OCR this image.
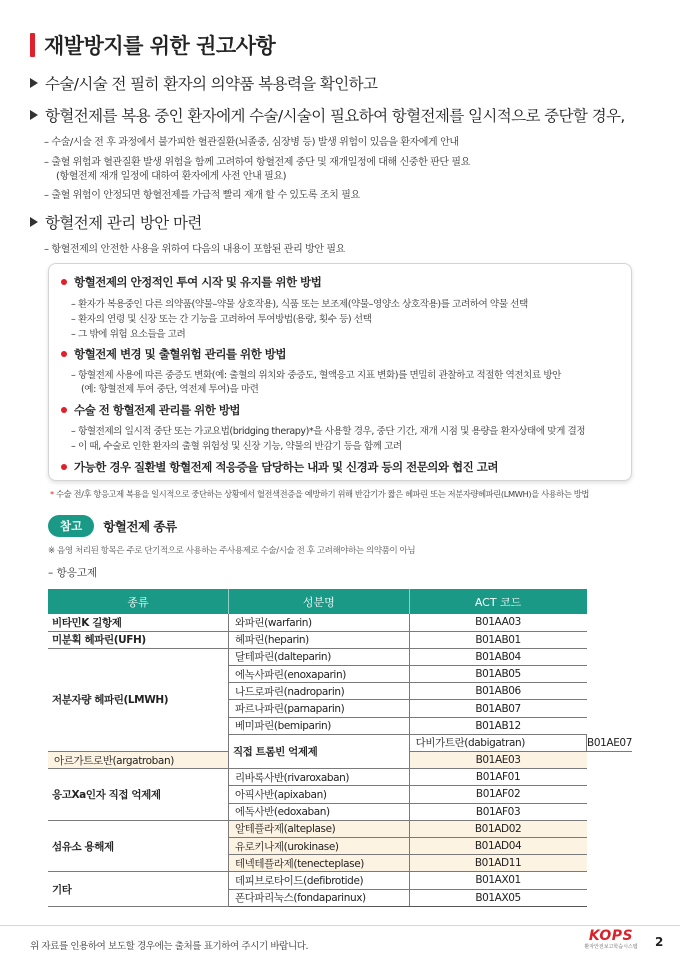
재발방지를 위한 권고사항
수술/시술 전 필히 환자의 의약품 복용력을 확인하고
항혈전제를 복용 중인 환자에게 수술/시술이 필요하여 항혈전제를 일시적으로 중단할 경우,
– 수술/시술 전 후 과정에서 불가피한 혈관질환(뇌졸중, 심장병 등) 발생 위험이 있음을 환자에게 안내
– 출혈 위험과 혈관질환 발생 위험을 함께 고려하여 항혈전제 중단 및 재개일정에 대해 신중한 판단 필요
(항혈전제 재개 일정에 대하여 환자에게 사전 안내 필요)
– 출혈 위험이 안정되면 항혈전제를 가급적 빨리 재개 할 수 있도록 조치 필요
항혈전제 관리 방안 마련
– 항혈전제의 안전한 사용을 위하여 다음의 내용이 포함된 관리 방안 필요
항혈전제의 안정적인 투여 시작 및 유지를 위한 방법
– 환자가 복용중인 다른 의약품(약물–약물 상호작용), 식품 또는 보조제(약물–영양소 상호작용)를 고려하여 약물 선택
– 환자의 연령 및 신장 또는 간 기능을 고려하여 투여방법(용량, 횟수 등) 선택
– 그 밖에 위험 요소들을 고려
항혈전제 변경 및 출혈위험 관리를 위한 방법
– 항혈전제 사용에 따른 중증도 변화(예: 출혈의 위치와 중증도, 혈액응고 지표 변화)를 면밀히 관찰하고 적절한 역전치료 방안
(예: 항혈전제 투여 중단, 역전제 투여)을 마련
수술 전 항혈전제 관리를 위한 방법
– 항혈전제의 일시적 중단 또는 가교요법(bridging therapy)*을 사용할 경우, 중단 기간, 재개 시점 및 용량을 환자상태에 맞게 결정
– 이 때, 수술로 인한 환자의 출혈 위험성 및 신장 기능, 약물의 반감기 등을 함께 고려
가능한 경우 질환별 항혈전제 적응증을 담당하는 내과 및 신경과 등의 전문의와 협진 고려
* 수술 전/후 항응고제 복용을 일시적으로 중단하는 상황에서 혈전색전증을 예방하기 위해 반감기가 짧은 헤파린 또는 저분자량헤파린(LMWH)을 사용하는 방법
참고	항혈전제 종류
※ 음영 처리된 항목은 주로 단기적으로 사용하는 주사용제로 수술/시술 전 후 고려해야하는 의약품이 아님
– 항응고제
종류	성분명	ACT 코드	
비타민K 길항제	와파린(warfarin)	B01AA03	
미분획 헤파린(UFH)	헤파린(heparin)	B01AB01	
저분자량 헤파린(LMWH)	달테파린(dalteparin)	B01AB04	
	에녹사파린(enoxaparin)	B01AB05	
	나드로파린(nadroparin)	B01AB06	
	파르나파린(parnaparin)	B01AB07	
	베미파린(bemiparin)	B01AB12	
	직접 트롬빈 억제제	다비가트란(dabigatran)	B01AE07
아르가트로반(argatroban)		B01AE03	
응고Xa인자 직접 억제제	리바록사반(rivaroxaban)	B01AF01	
	아픽사반(apixaban)	B01AF02	
	에독사반(edoxaban)	B01AF03	
섬유소 용해제	알테플라제(alteplase)	B01AD02	
	유로키나제(urokinase)	B01AD04	
	테넥테플라제(tenecteplase)	B01AD11	
기타	데피브로타이드(defibrotide)	B01AX01	
	폰다파리눅스(fondaparinux)	B01AX05	
위 자료를 인용하여 보도할 경우에는 출처를 표기하여 주시기 바랍니다.
KOPS
환자안전보고학습시스템	2
